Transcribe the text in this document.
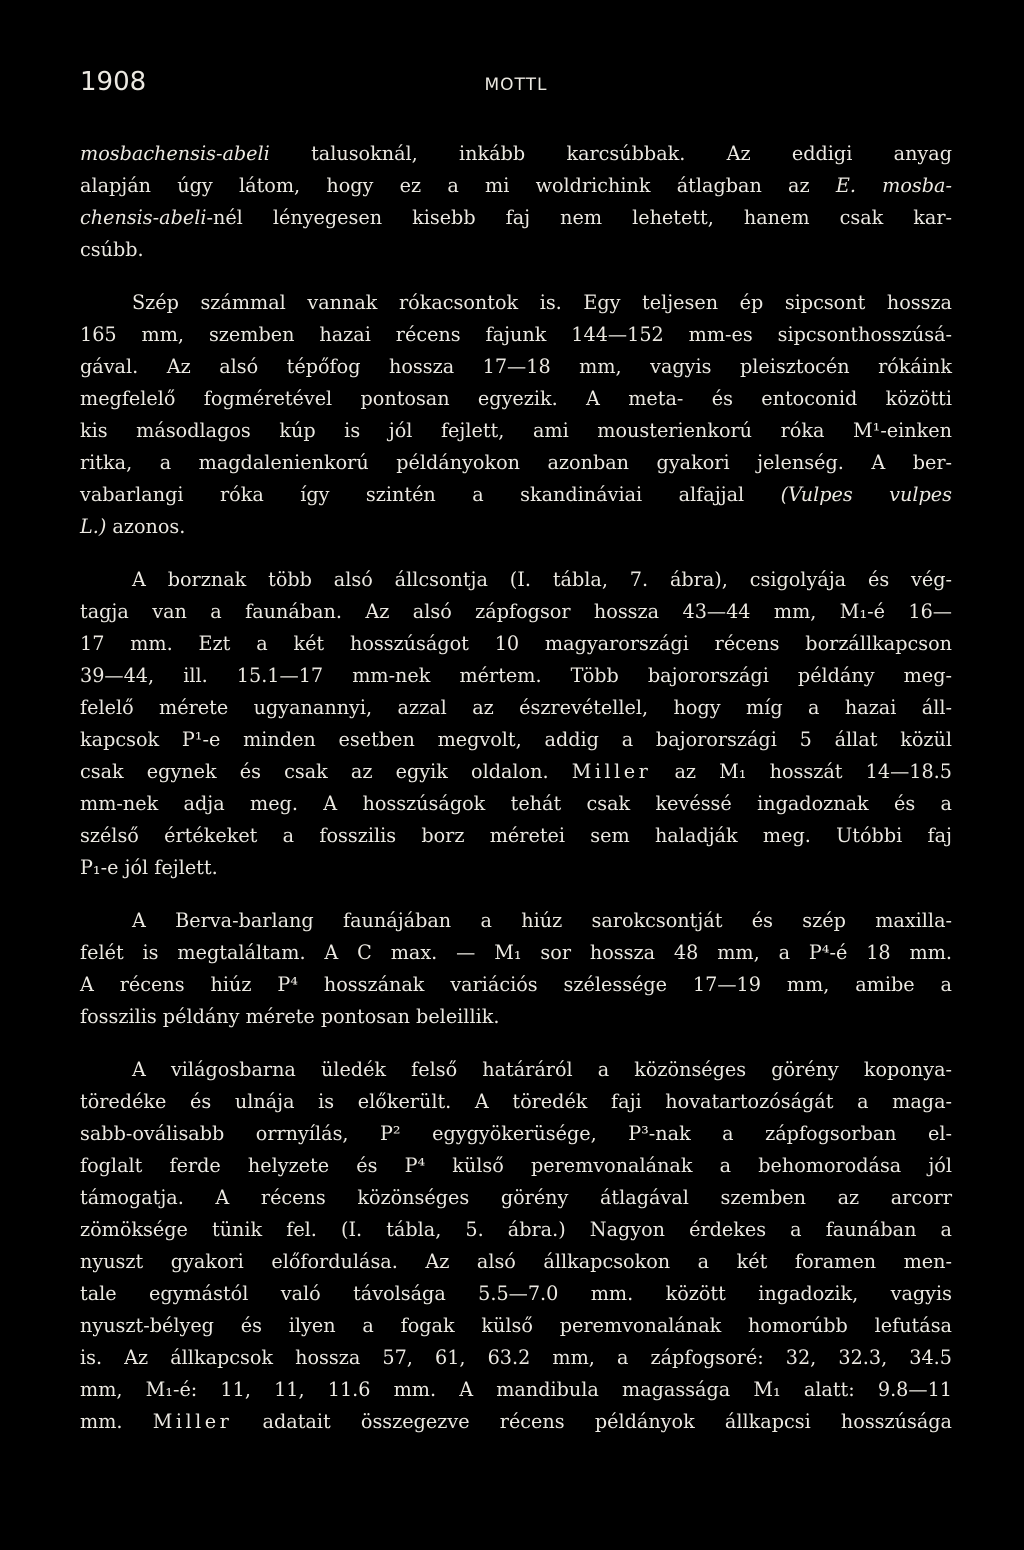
1908	MOTTL

mosbachensis-abeli talusoknál, inkább karcsúbbak. Az eddigi anyag
alapján úgy látom, hogy ez a mi woldrichink átlagban az E. mosba-
chensis-abeli-nél lényegesen kisebb faj nem lehetett, hanem csak kar-
csúbb.

Szép számmal vannak rókacsontok is. Egy teljesen ép sipcsont hossza
165 mm, szemben hazai récens fajunk 144—152 mm-es sipcsonthosszúsá-
gával. Az alsó tépőfog hossza 17—18 mm, vagyis pleisztocén rókáink
megfelelő fogméretével pontosan egyezik. A meta- és entoconid közötti
kis másodlagos kúp is jól fejlett, ami mousterienkorú róka M¹-einken
ritka, a magdalenienkorú példányokon azonban gyakori jelenség. A ber-
vabarlangi róka így szintén a skandináviai alfajjal (Vulpes vulpes
L.) azonos.

A borznak több alsó állcsontja (I. tábla, 7. ábra), csigolyája és vég-
tagja van a faunában. Az alsó zápfogsor hossza 43—44 mm, M₁-é 16—
17 mm. Ezt a két hosszúságot 10 magyarországi récens borzállkapcson
39—44, ill. 15.1—17 mm-nek mértem. Több bajorországi példány meg-
felelő mérete ugyanannyi, azzal az észrevétellel, hogy míg a hazai áll-
kapcsok P¹-e minden esetben megvolt, addig a bajorországi 5 állat közül
csak egynek és csak az egyik oldalon. Miller az M₁ hosszát 14—18.5
mm-nek adja meg. A hosszúságok tehát csak kevéssé ingadoznak és a
szélső értékeket a fosszilis borz méretei sem haladják meg. Utóbbi faj
P₁-e jól fejlett.

A Berva-barlang faunájában a hiúz sarokcsontját és szép maxilla-
felét is megtaláltam. A C max. — M₁ sor hossza 48 mm, a P⁴-é 18 mm.
A récens hiúz P⁴ hosszának variációs szélessége 17—19 mm, amibe a
fosszilis példány mérete pontosan beleillik.

A világosbarna üledék felső határáról a közönséges görény koponya-
töredéke és ulnája is előkerült. A töredék faji hovatartozóságát a maga-
sabb-oválisabb orrnyílás, P² egygyökerüsége, P³-nak a zápfogsorban el-
foglalt ferde helyzete és P⁴ külső peremvonalának a behomorodása jól
támogatja. A récens közönséges görény átlagával szemben az arcorr
zömöksége tünik fel. (I. tábla, 5. ábra.) Nagyon érdekes a faunában a
nyuszt gyakori előfordulása. Az alsó állkapcsokon a két foramen men-
tale egymástól való távolsága 5.5—7.0 mm. között ingadozik, vagyis
nyuszt-bélyeg és ilyen a fogak külső peremvonalának homorúbb lefutása
is. Az állkapcsok hossza 57, 61, 63.2 mm, a zápfogsoré: 32, 32.3, 34.5
mm, M₁-é: 11, 11, 11.6 mm. A mandibula magassága M₁ alatt: 9.8—11
mm. Miller adatait összegezve récens példányok állkapcsi hosszúsága
